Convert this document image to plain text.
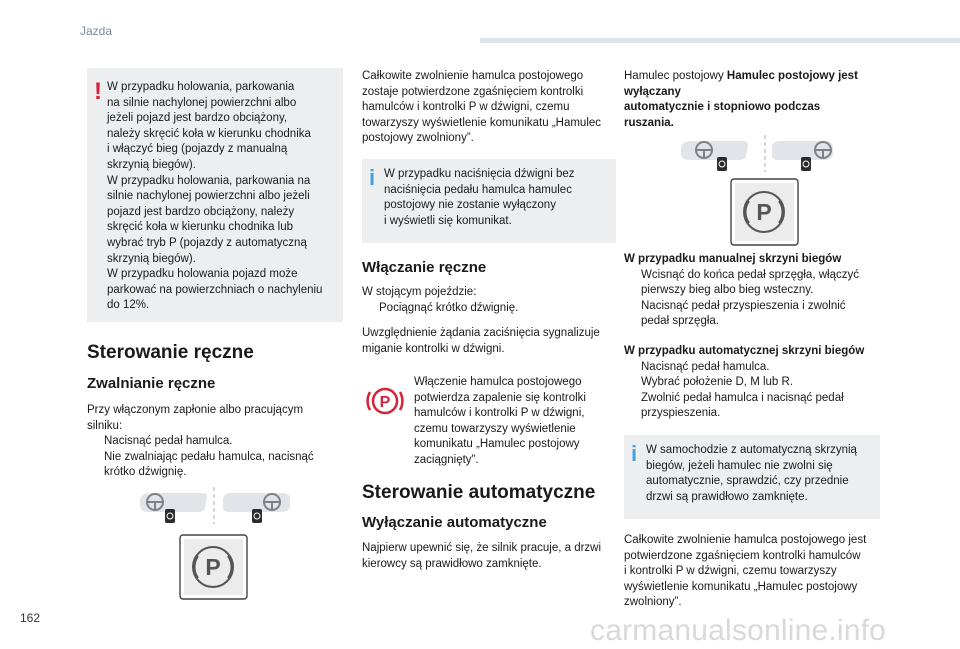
Jazda
162	carmanualsonline.info
! W przypadku holowania, parkowania
na silnie nachylonej powierzchni albo
jeżeli pojazd jest bardzo obciążony,
należy skręcić koła w kierunku chodnika
i włączyć bieg (pojazdy z manualną
skrzynią biegów).
W przypadku holowania, parkowania na
silnie nachylonej powierzchni albo jeżeli
pojazd jest bardzo obciążony, należy
skręcić koła w kierunku chodnika lub
wybrać tryb P (pojazdy z automatyczną
skrzynią biegów).
W przypadku holowania pojazd może
parkować na powierzchniach o nachyleniu
do 12%.
Sterowanie ręczne
Zwalnianie ręczne
Przy włączonym zapłonie albo pracującym
silniku:
Nacisnąć pedał hamulca.
Nie zwalniając pedału hamulca, nacisnąć
krótko dźwignię.
P
Całkowite zwolnienie hamulca postojowego
zostaje potwierdzone zgaśnięciem kontrolki
hamulców i kontrolki P w dźwigni, czemu
towarzyszy wyświetlenie komunikatu „Hamulec
postojowy zwolniony”.
i W przypadku naciśnięcia dźwigni bez
naciśnięcia pedału hamulca hamulec
postojowy nie zostanie wyłączony
i wyświetli się komunikat.
Włączanie ręczne
W stojącym pojeździe:
Pociągnąć krótko dźwignię.
Uwzględnienie żądania zaciśnięcia sygnalizuje
miganie kontrolki w dźwigni.
P
Włączenie hamulca postojowego
potwierdza zapalenie się kontrolki
hamulców i kontrolki P w dźwigni,
czemu towarzyszy wyświetlenie
komunikatu „Hamulec postojowy
zaciągnięty”.
Sterowanie automatyczne
Wyłączanie automatyczne
Najpierw upewnić się, że silnik pracuje, a drzwi
kierowcy są prawidłowo zamknięte.
Hamulec postojowy Hamulec postojowy jest wyłączany
automatycznie i stopniowo podczas
ruszania.
P
W przypadku manualnej skrzyni biegów
Wcisnąć do końca pedał sprzęgła, włączyć
pierwszy bieg albo bieg wsteczny.
Nacisnąć pedał przyspieszenia i zwolnić
pedał sprzęgła.
W przypadku automatycznej skrzyni biegów
Nacisnąć pedał hamulca.
Wybrać położenie D, M lub R.
Zwolnić pedał hamulca i nacisnąć pedał
przyspieszenia.
i W samochodzie z automatyczną skrzynią
biegów, jeżeli hamulec nie zwolni się
automatycznie, sprawdzić, czy przednie
drzwi są prawidłowo zamknięte.
Całkowite zwolnienie hamulca postojowego jest
potwierdzone zgaśnięciem kontrolki hamulców
i kontrolki P w dźwigni, czemu towarzyszy
wyświetlenie komunikatu „Hamulec postojowy
zwolniony”.
